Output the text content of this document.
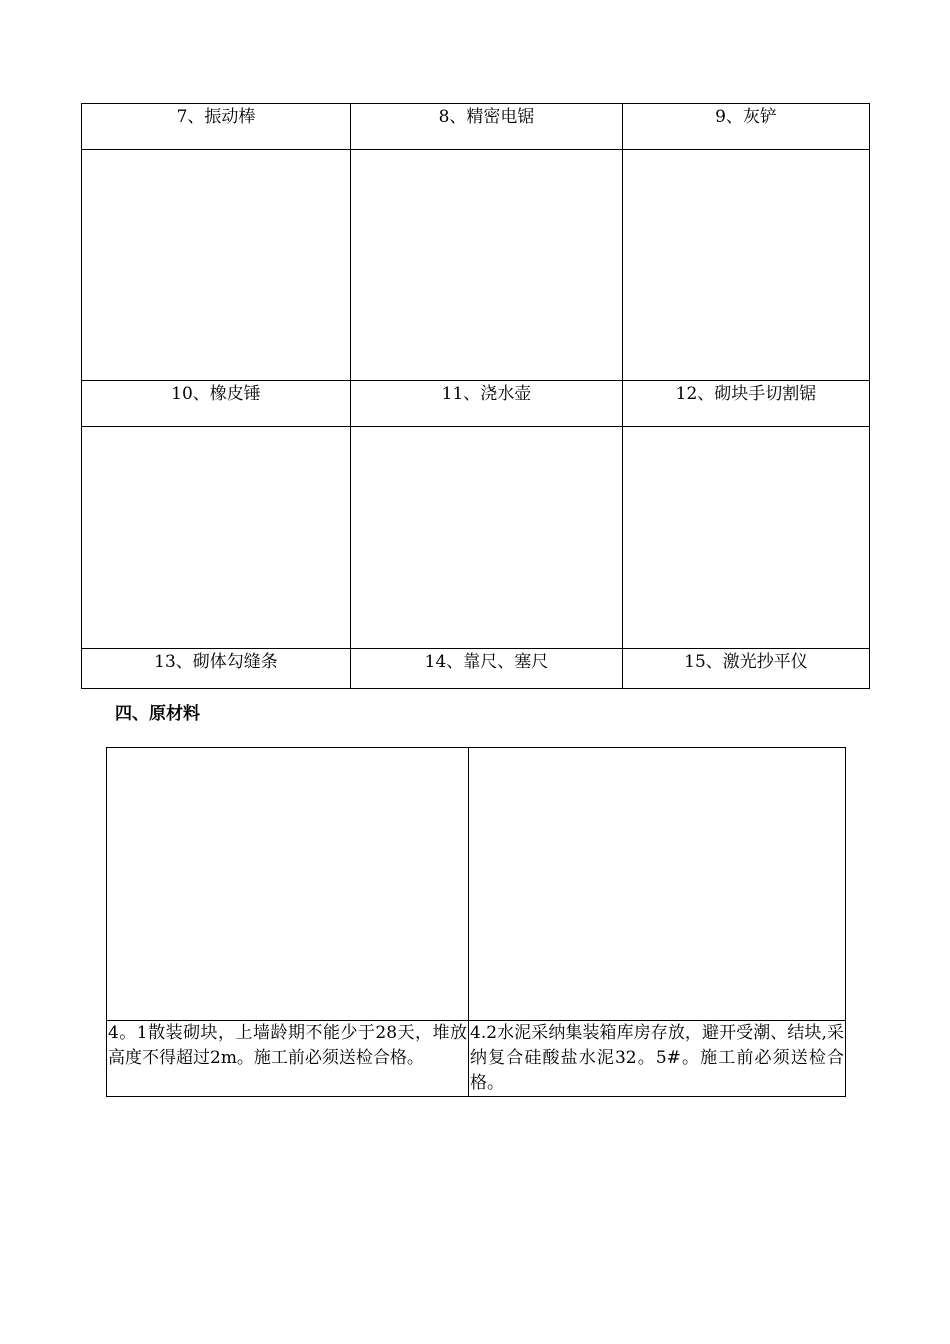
7、振动棒	8、精密电锯	9、灰铲

10、橡皮锤	11、浇水壶	12、砌块手切割锯

13、砌体勾缝条	14、靠尺、塞尺	15、激光抄平仪
四、原材料

4。1散装砌块，上墙龄期不能少于28天，堆放高度不得超过2m。施工前必须送检合格。	4.2水泥采纳集装箱库房存放，避开受潮、结块,采纳复合硅酸盐水泥32。5#。施工前必须送检合格。
